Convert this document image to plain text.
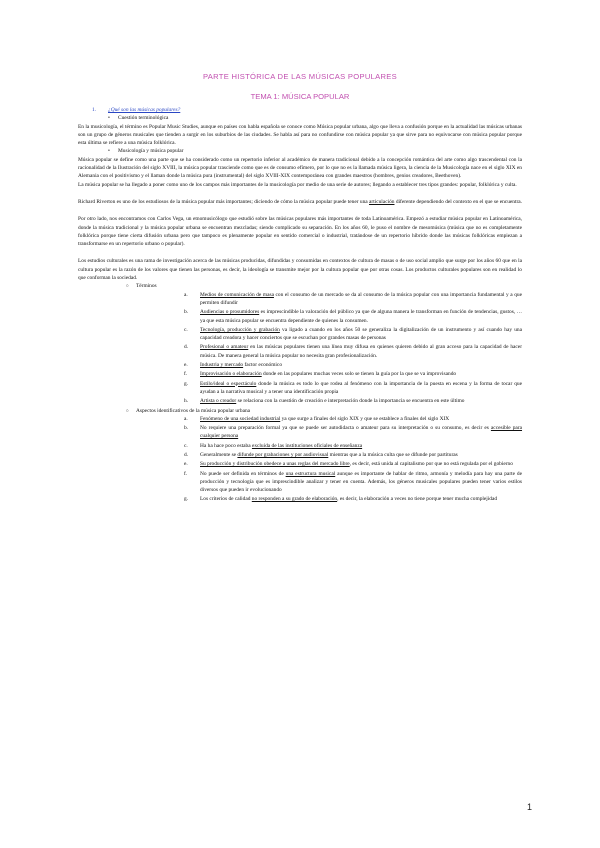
PARTE HISTÓRICA DE LAS MÚSICAS POPULARES
TEMA 1: MÚSICA POPULAR
1. ¿Qué son las músicas populares?
• Cuestión terminológica

En la musicología, el término es Popular Music Studies, aunque en países con habla española se conoce como Música popular urbana, algo que lleva a confusión porque en la actualidad las músicas urbanas son un grupo de géneros musicales que tienden a surgir en los suburbios de las ciudades. Se habla así para no confundirse con música popular ya que sirve para no equivocarse con música popular porque esta última se refiere a una música folklórica.

• Musicología y música popular

Música popular se define como una parte que se ha considerado como un repertorio inferior al académico de manera tradicional debido a la concepción romántica del arte como algo trascendental con la racionalidad de la Ilustración del siglo XVIII, la música popular trasciende como que es de consumo efímero, por lo que no es la llamada música ligera, la ciencia de la Musicología nace en el siglo XIX en Alemania con el positivismo y el llaman donde la música pura (instrumental) del siglo XVIII-XIX contemporánea con grandes maestros (hombres, genios creadores, Beethoven).

La música popular se ha llegado a poner como uno de los campos más importantes de la musicología por medio de una serie de autores; llegando a establecer tres tipos grandes: popular, folklórica y culta.

Richard Riverton es uno de los estudiosos de la música popular más importantes; diciendo de cómo la música popular puede tener una articulación diferente dependiendo del contexto en el que se encuentra.

Por otro lado, nos encontramos con Carlos Vega, un etnomusicólogo que estudió sobre las músicas populares más importantes de toda Latinoamérica. Empezó a estudiar música popular en Latinoamérica, donde la música tradicional y la música popular urbana se encuentran mezcladas; siendo complicado su separación. En los años 60, le puso el nombre de mesomúsica (música que no es completamente folklórica porque tiene cierta difusión urbana pero que tampoco es plenamente popular en sentido comercial o industrial, tratándose de un repertorio híbrido donde las músicas folklóricas empiezan a transformarse en un repertorio urbano o popular).

Los estudios culturales es una rama de investigación acerca de las músicas producidas, difundidas y consumidas en contextos de cultura de masas o de uso social amplio que surge por los años 60 que en la cultura popular es la razón de los valores que tienen las personas, es decir, la ideología se transmite mejor por la cultura popular que por otras cosas. Los productos culturales populares son en realidad lo que conforman la sociedad.

○ Términos
a. Medios de comunicación de masa con el consumo de un mercado se da al consumo de la música popular con una importancia fundamental y a que permiten difundir
b. Audiencias o prosumidores es imprescindible la valoración del público ya que de alguna manera le transforman en función de tendencias, gustos, … ya que esta música popular se encuentra dependiente de quienes la consumen.
c. Tecnología, producción y grabación va ligado a cuando en los años 50 se generaliza la digitalización de un instrumento y así cuando hay una capacidad creadora y hacer conciertos que se escuchan por grandes masas de personas
d. Profesional o amateur en las músicas populares tienen una línea muy difusa en quienes quieren debido al gran acceso para la capacidad de hacer música. De manera general la música popular no necesita gran profesionalización.
e. Industria y mercado factor económico
f. Improvisación o elaboración donde en las populares muchas veces solo se tienen la guía por la que se va improvisando
g. Estilo/ideal o espectáculo donde la música es todo lo que rodea al fenómeno con la importancia de la puesta en escena y la forma de tocar que ayudan a la narrativa musical y a tener una identificación propia
h. Artista o creador se relaciona con la cuestión de creación e interpretación donde la importancia se encuentra en este último
○ Aspectos identificativos de la música popular urbana
a. Fenómeno de una sociedad industrial ya que surge a finales del siglo XIX y que se establece a finales del siglo XIX
b. No requiere una preparación formal ya que se puede ser autodidacta o amateur para su interpretación o su consumo, es decir es accesible para cualquier persona
c. Ha ha hace poco estaba excluida de las instituciones oficiales de enseñanza
d. Generalmente se difunde por grabaciones y por audiovisual mientras que a la música culta que se difunde por partituras
e. Su producción y distribución obedece a unas reglas del mercado libre, es decir, está unida al capitalismo por que no está regulada por el gobierno
f. No puede ser definida en términos de una estructura musical aunque es importante de hablar de ritmo, armonía y melodía para hay una parte de producción y tecnología que es imprescindible analizar y tener en cuenta. Además, los géneros musicales populares pueden tener varios estilos diversos que pueden ir evolucionando
g. Los criterios de calidad no responden a su grado de elaboración, es decir, la elaboración a veces no tiene porque tener mucha complejidad
1
